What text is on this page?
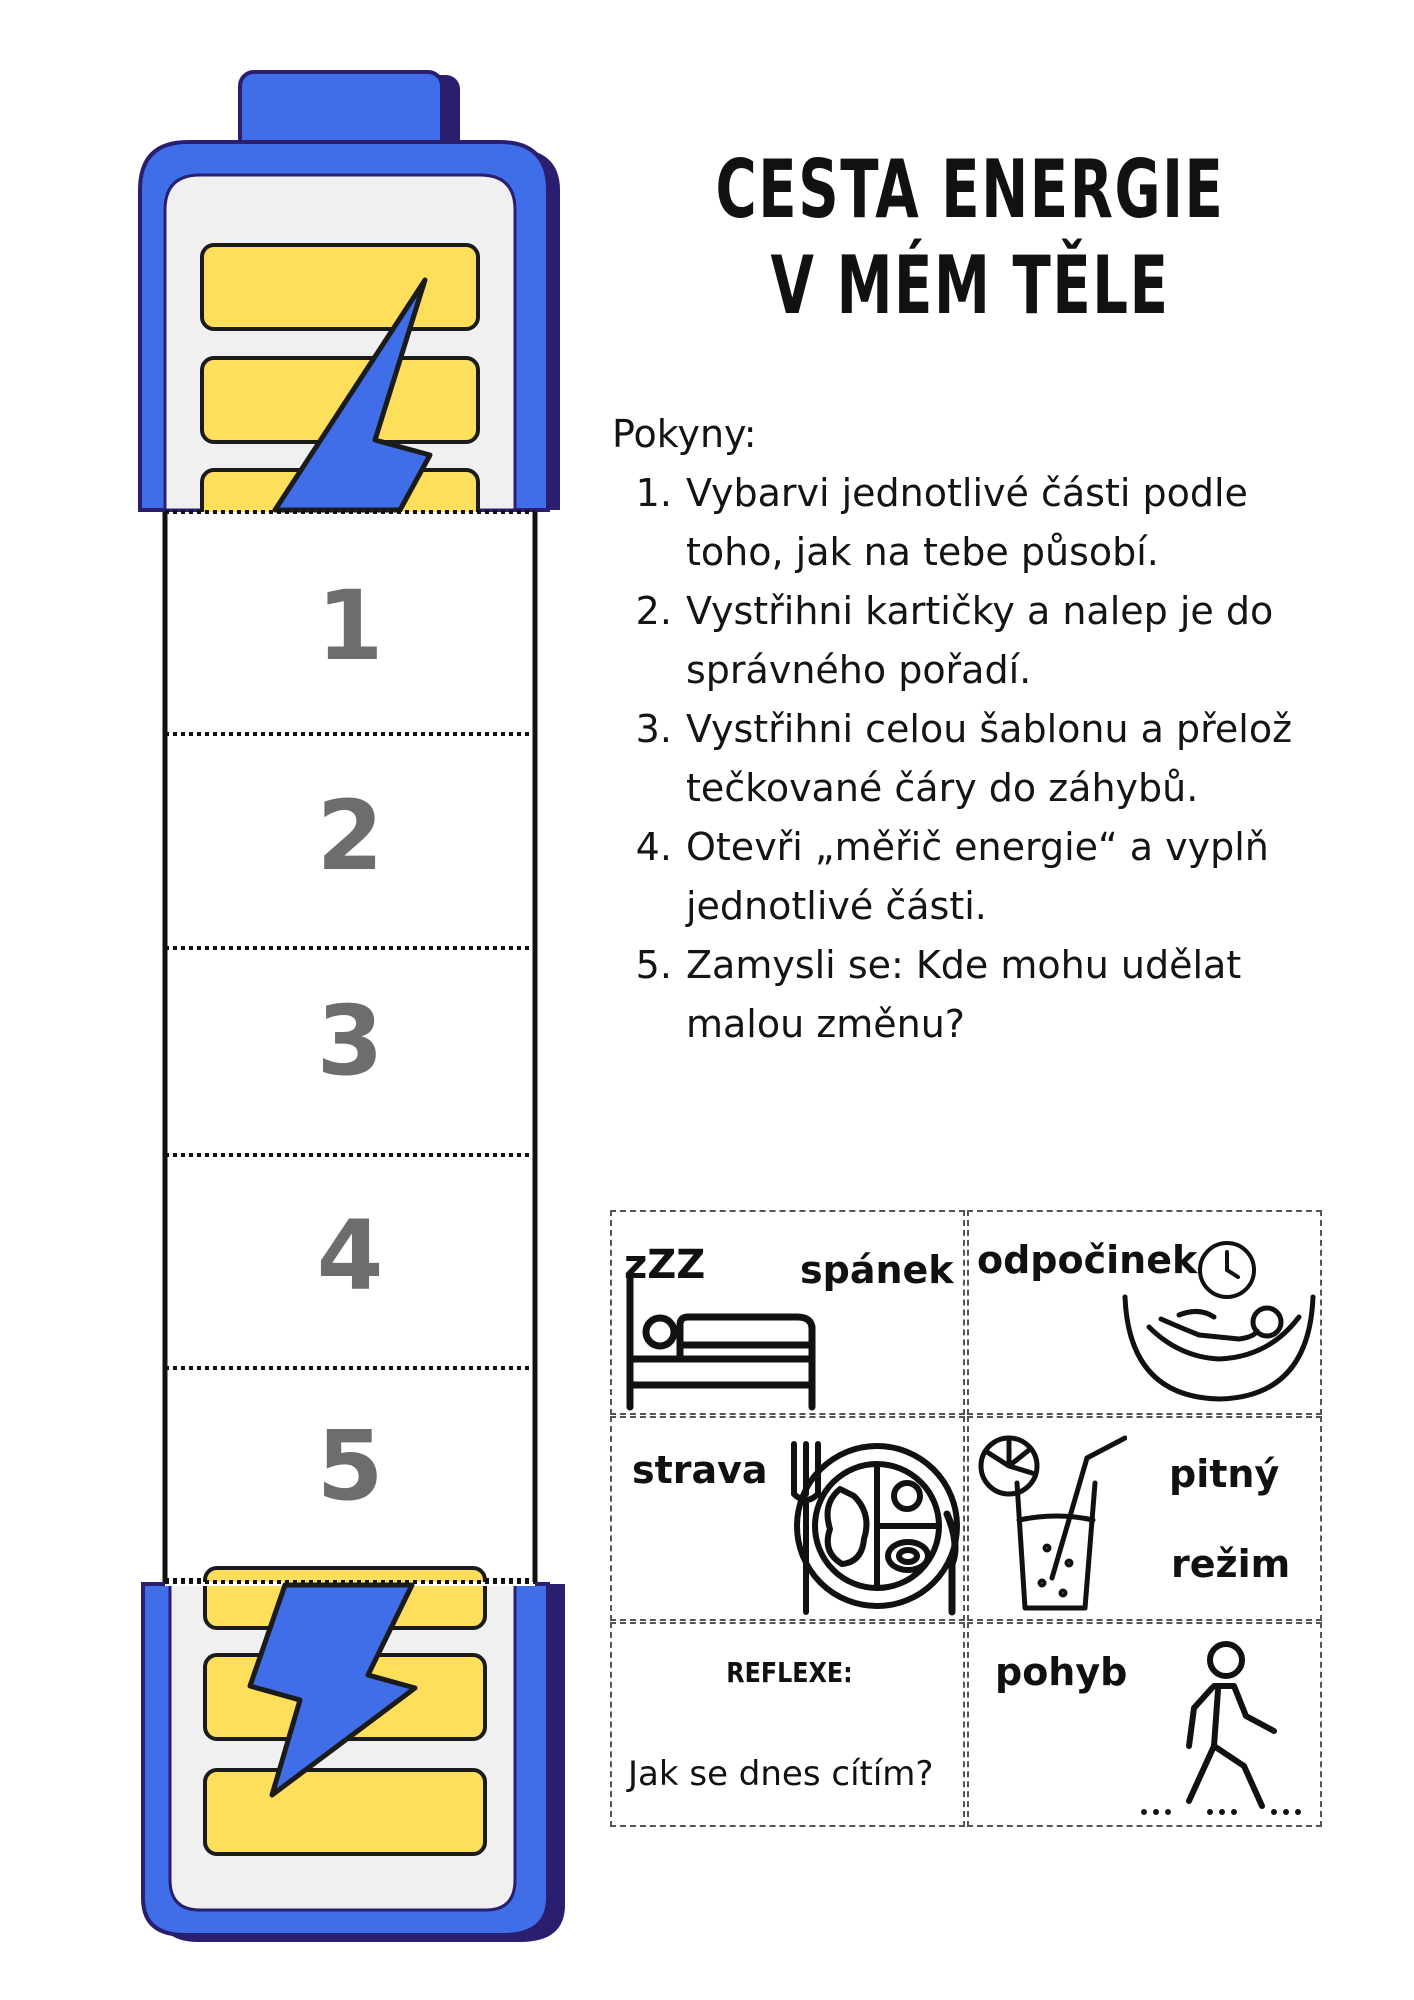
1
2
3
4
5
CESTA ENERGIE V MÉM TĚLE
Pokyny:
1. Vybarvi jednotlivé části podle toho, jak na tebe působí.
2. Vystřihni kartičky a nalep je do správného pořadí.
3. Vystřihni celou šablonu a přelož tečkované čáry do záhybů.
4. Otevři „měřič energie“ a vyplň jednotlivé části.
5. Zamysli se: Kde mohu udělat malou změnu?
zZZ spánek odpočinek
strava	pitný
režim
REFLEXE:
Jak se dnes cítím?
pohyb
